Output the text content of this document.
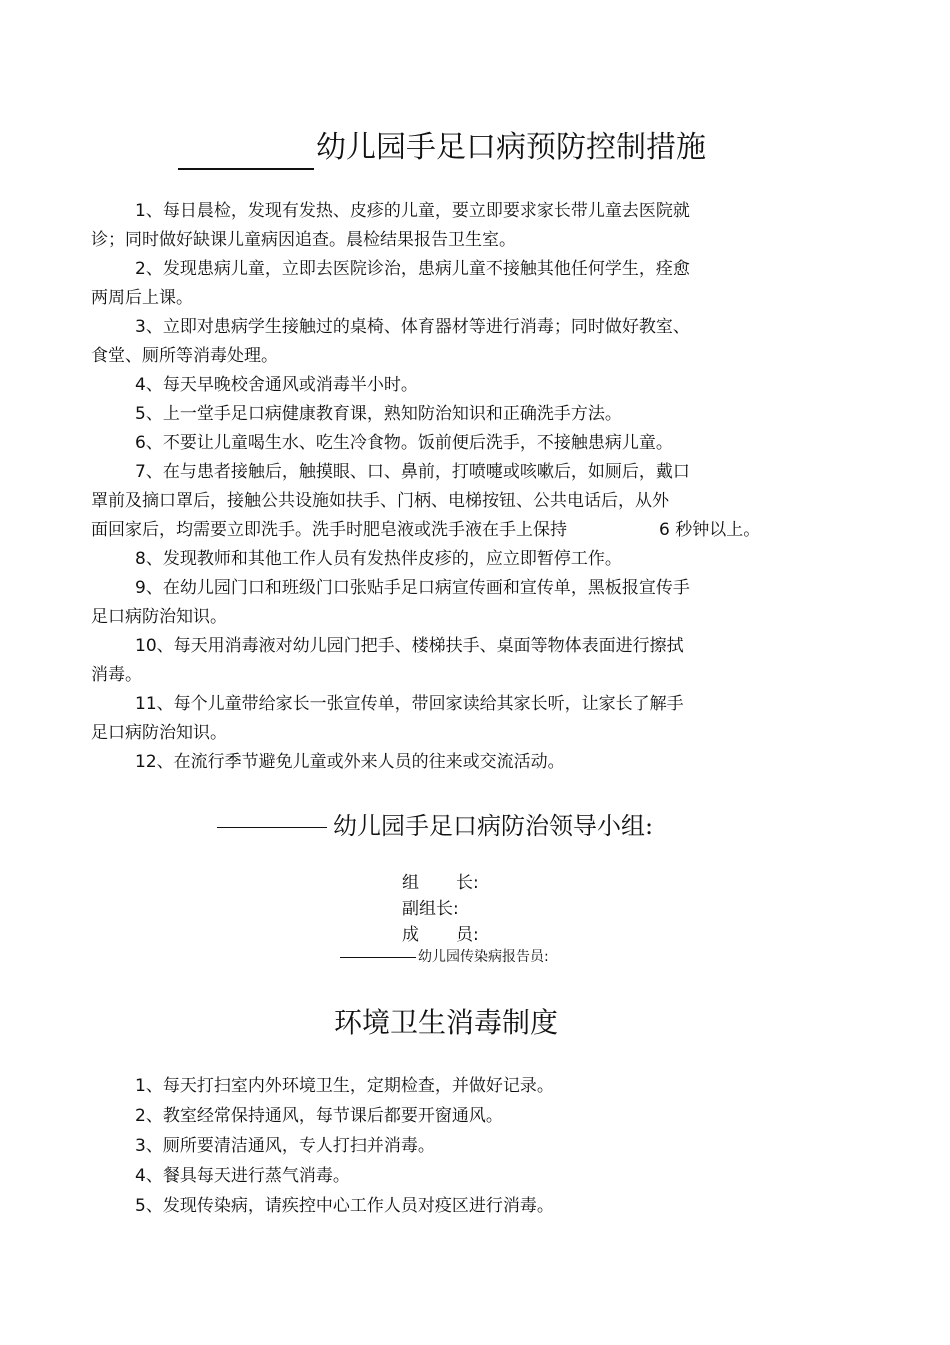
幼儿园手足口病预防控制措施

1、每日晨检，发现有发热、皮疹的儿童，要立即要求家长带儿童去医院就

诊；同时做好缺课儿童病因追查。晨检结果报告卫生室。

2、发现患病儿童，立即去医院诊治，患病儿童不接触其他任何学生，痊愈

两周后上课。

3、立即对患病学生接触过的桌椅、体育器材等进行消毒；同时做好教室、

食堂、厕所等消毒处理。

4、每天早晚校舍通风或消毒半小时。

5、上一堂手足口病健康教育课，熟知防治知识和正确洗手方法。

6、不要让儿童喝生水、吃生冷食物。饭前便后洗手，不接触患病儿童。

7、在与患者接触后，触摸眼、口、鼻前，打喷嚏或咳嗽后，如厕后，戴口

罩前及摘口罩后，接触公共设施如扶手、门柄、电梯按钮、公共电话后，从外

面回家后，均需要立即洗手。洗手时肥皂液或洗手液在手上保持	6 秒钟以上。

8、发现教师和其他工作人员有发热伴皮疹的，应立即暂停工作。

9、在幼儿园门口和班级门口张贴手足口病宣传画和宣传单，黑板报宣传手

足口病防治知识。

10、每天用消毒液对幼儿园门把手、楼梯扶手、桌面等物体表面进行擦拭

消毒。

11、每个儿童带给家长一张宣传单，带回家读给其家长听，让家长了解手

足口病防治知识。

12、在流行季节避免儿童或外来人员的往来或交流活动。

幼儿园手足口病防治领导小组:
组 长:
副组长:
成 员:
幼儿园传染病报告员:
环境卫生消毒制度

1、每天打扫室内外环境卫生，定期检查，并做好记录。

2、教室经常保持通风，每节课后都要开窗通风。

3、厕所要清洁通风，专人打扫并消毒。

4、餐具每天进行蒸气消毒。

5、发现传染病，请疾控中心工作人员对疫区进行消毒。
